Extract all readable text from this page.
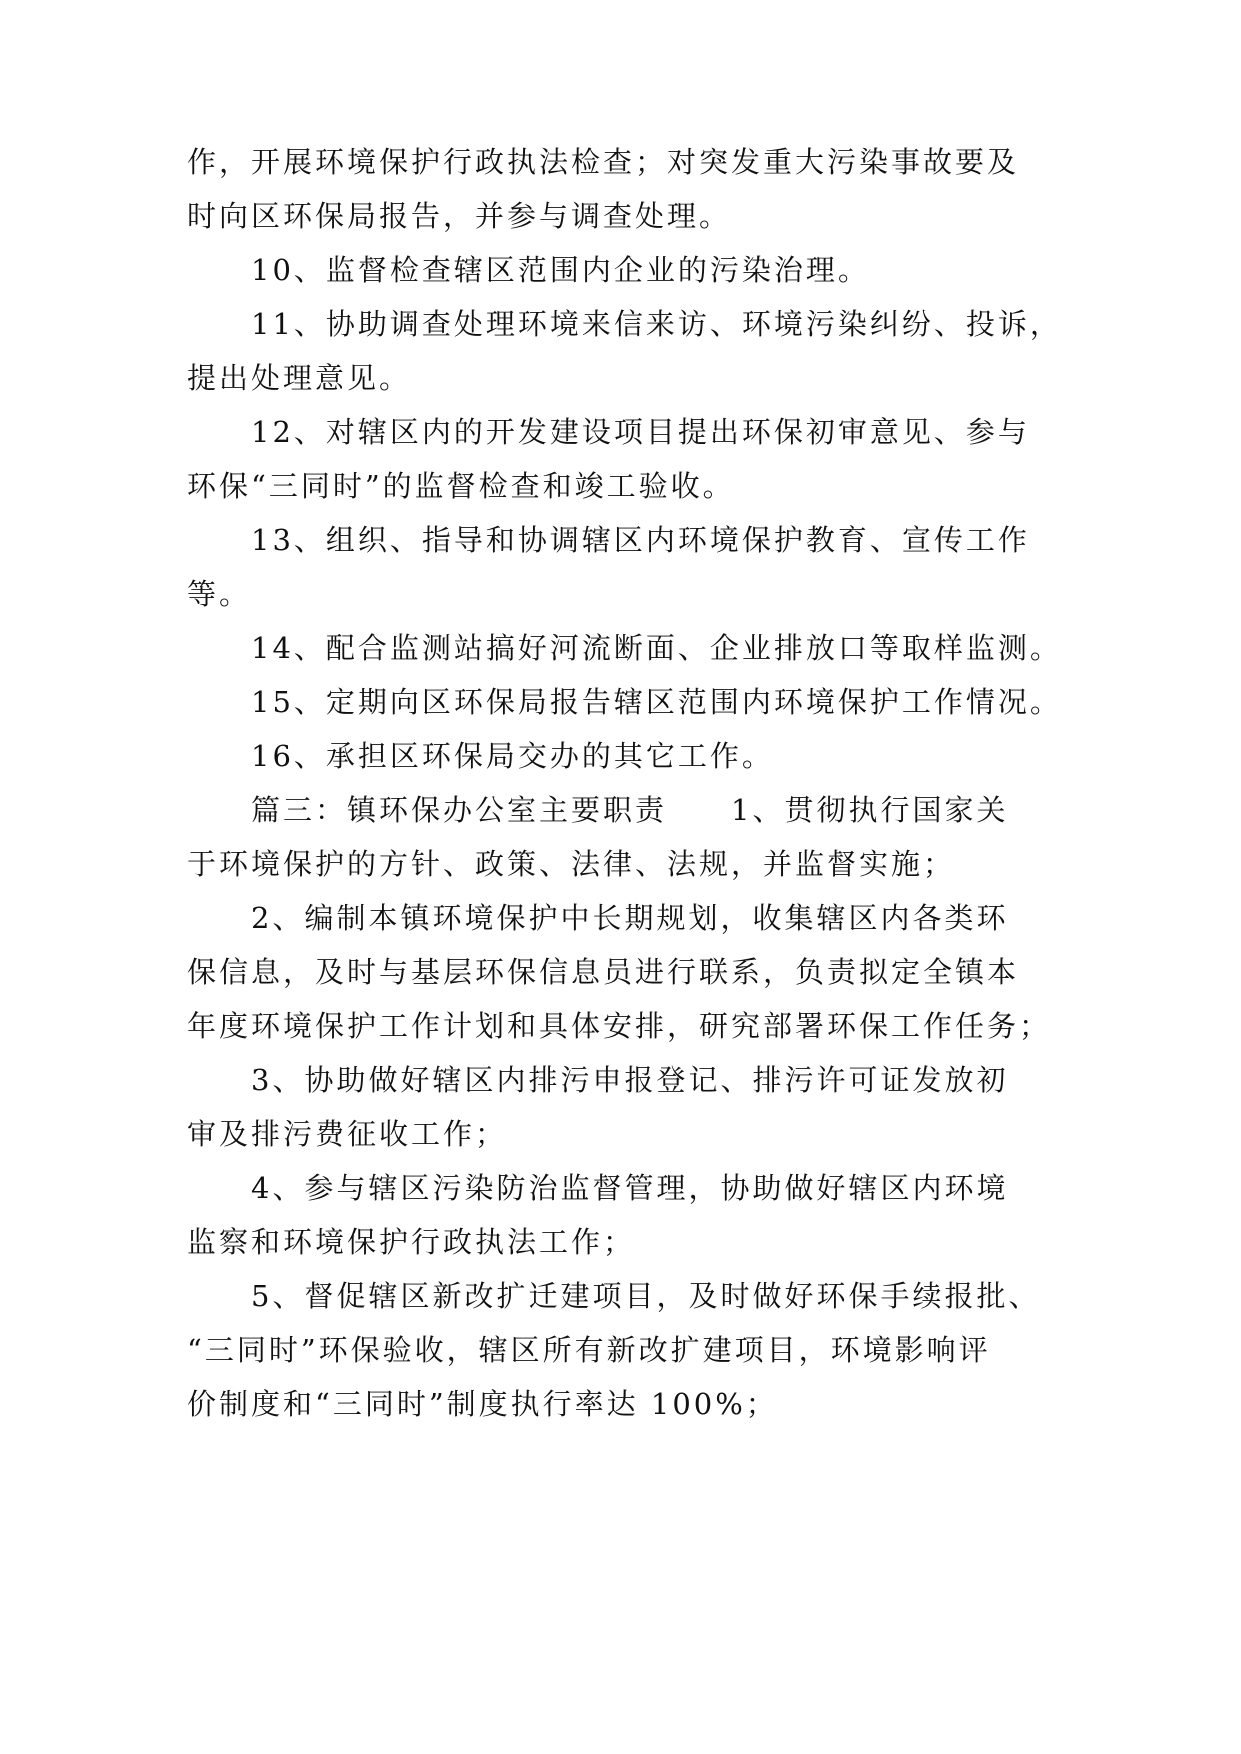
作，开展环境保护行政执法检查；对突发重大污染事故要及
时向区环保局报告，并参与调查处理。
10、监督检查辖区范围内企业的污染治理。
11、协助调查处理环境来信来访、环境污染纠纷、投诉，
提出处理意见。
12、对辖区内的开发建设项目提出环保初审意见、参与
环保“三同时”的监督检查和竣工验收。
13、组织、指导和协调辖区内环境保护教育、宣传工作
等。
14、配合监测站搞好河流断面、企业排放口等取样监测。
15、定期向区环保局报告辖区范围内环境保护工作情况。
16、承担区环保局交办的其它工作。
篇三：镇环保办公室主要职责　　1、贯彻执行国家关
于环境保护的方针、政策、法律、法规，并监督实施；
2、编制本镇环境保护中长期规划，收集辖区内各类环
保信息，及时与基层环保信息员进行联系，负责拟定全镇本
年度环境保护工作计划和具体安排，研究部署环保工作任务；
3、协助做好辖区内排污申报登记、排污许可证发放初
审及排污费征收工作；
4、参与辖区污染防治监督管理，协助做好辖区内环境
监察和环境保护行政执法工作；
5、督促辖区新改扩迁建项目，及时做好环保手续报批、
“三同时”环保验收，辖区所有新改扩建项目，环境影响评
价制度和“三同时”制度执行率达 100%；
